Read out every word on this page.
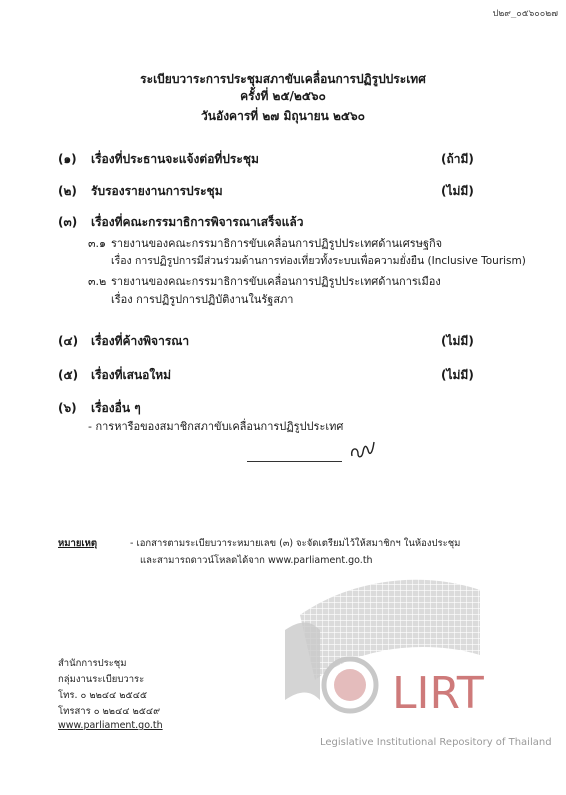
ป๒๙_๐๕๖๐๐๒๗
ระเบียบวาระการประชุมสภาขับเคลื่อนการปฏิรูปประเทศ
ครั้งที่ ๒๕/๒๕๖๐
วันอังคารที่ ๒๗ มิถุนายน ๒๕๖๐
(๑) เรื่องที่ประธานจะแจ้งต่อที่ประชุม	(ถ้ามี)
(๒) รับรองรายงานการประชุม	(ไม่มี)
(๓) เรื่องที่คณะกรรมาธิการพิจารณาเสร็จแล้ว
๓.๑ รายงานของคณะกรรมาธิการขับเคลื่อนการปฏิรูปประเทศด้านเศรษฐกิจ
เรื่อง การปฏิรูปการมีส่วนร่วมด้านการท่องเที่ยวทั้งระบบเพื่อความยั่งยืน (Inclusive Tourism)
๓.๒ รายงานของคณะกรรมาธิการขับเคลื่อนการปฏิรูปประเทศด้านการเมือง
เรื่อง การปฏิรูปการปฏิบัติงานในรัฐสภา
(๔) เรื่องที่ค้างพิจารณา	(ไม่มี)
(๕) เรื่องที่เสนอใหม่	(ไม่มี)
(๖) เรื่องอื่น ๆ
- การหารือของสมาชิกสภาขับเคลื่อนการปฏิรูปประเทศ
หมายเหตุ	- เอกสารตามระเบียบวาระหมายเลข (๓) จะจัดเตรียมไว้ให้สมาชิกฯ ในห้องประชุม
และสามารถดาวน์โหลดได้จาก www.parliament.go.th
LIRT
Legislative Institutional Repository of Thailand
สำนักการประชุม
กลุ่มงานระเบียบวาระ
โทร. ๐ ๒๒๔๔ ๒๕๔๕
โทรสาร ๐ ๒๒๔๔ ๒๕๔๙
www.parliament.go.th
